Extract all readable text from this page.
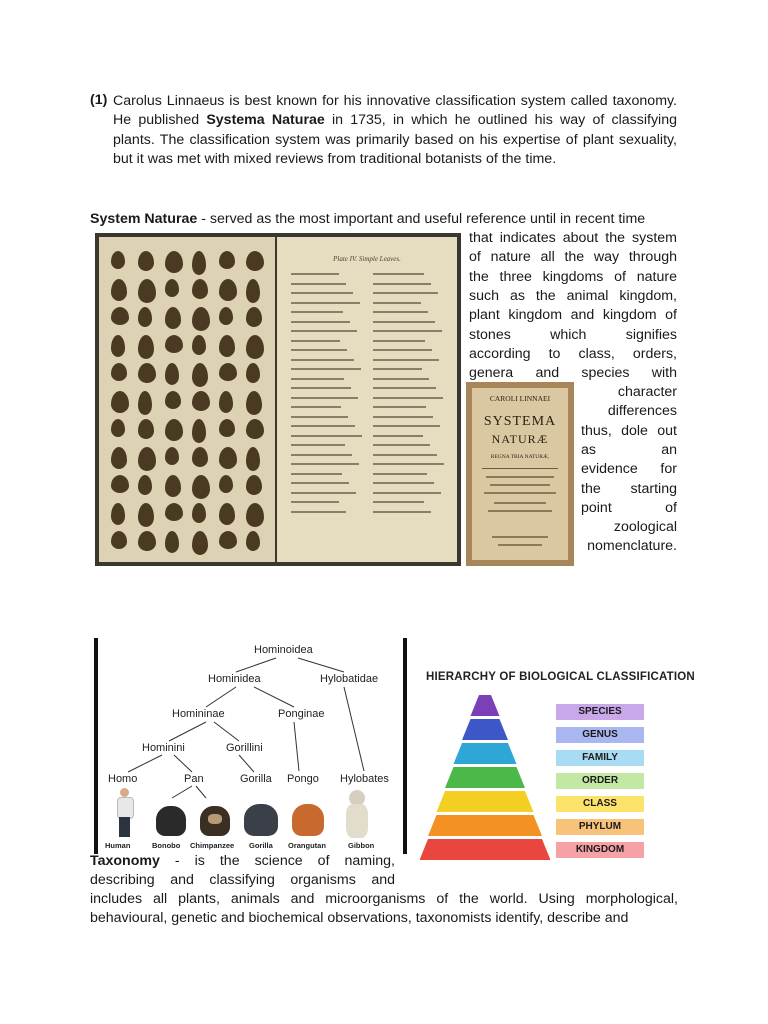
(1) Carolus Linnaeus is best known for his innovative classification system called taxonomy. He published Systema Naturae in 1735, in which he outlined his way of classifying plants. The classification system was primarily based on his expertise of plant sexuality, but it was met with mixed reviews from traditional botanists of the time.
System Naturae - served as the most important and useful reference until in recent time
that indicates about the system
of nature all the way through
the three kingdoms of nature
such as the animal kingdom,
plant kingdom and kingdom of
stones which signifies
according to class, orders,
genera and species with
character
differences
thus, dole out
as an
evidence for
the starting
point of
zoological
nomenclature.
Plate IV. Simple Leaves.
CAROLI LINNAEI
SYSTEMA
NATURÆ
REGNA TRIA NATURÆ,
Hominoidea
Hominidea	Hylobatidae
Homininae	Ponginae
Hominini	Gorillini
Homo	Pan	Gorilla Pongo Hylobates
Human	Bonobo Chimpanzee Gorilla Orangutan	Gibbon
HIERARCHY OF BIOLOGICAL CLASSIFICATION
SPECIES
GENUS
FAMILY
ORDER
CLASS
PHYLUM
KINGDOM
Taxonomy - is the science of naming,
describing and classifying organisms and
includes all plants, animals and microorganisms of the world. Using morphological, behavioural, genetic and biochemical observations, taxonomists identify, describe and
